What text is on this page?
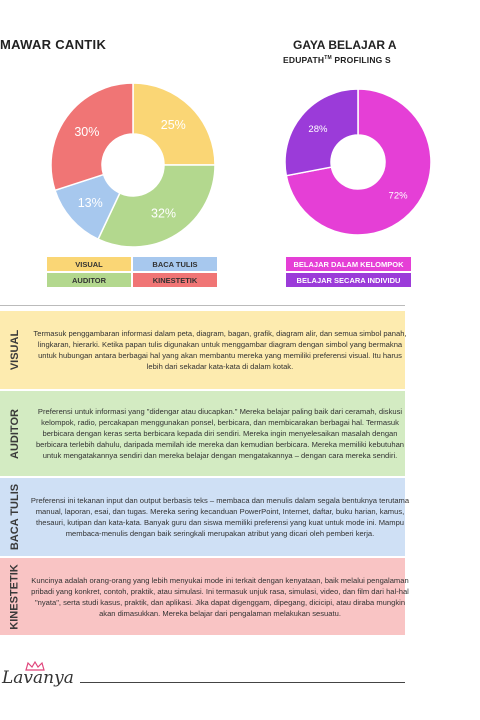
MAWAR CANTIK	GAYA BELAJAR A
EDUPATH™ PROFILING S
25%
32%
13%
30%
72%
28%
VISUAL	BACA TULIS
AUDITOR	KINESTETIK
BELAJAR DALAM KELOMPOK
BELAJAR SECARA INDIVIDU
VISUAL	Termasuk penggambaran informasi dalam peta, diagram, bagan, grafik, diagram alir, dan semua simbol panah, lingkaran, hierarki. Ketika papan tulis digunakan untuk menggambar diagram dengan simbol yang bermakna untuk hubungan antara berbagai hal yang akan membantu mereka yang memiliki preferensi visual. Itu harus lebih dari sekadar kata-kata di dalam kotak.

AUDITOR	Preferensi untuk informasi yang "didengar atau diucapkan." Mereka belajar paling baik dari ceramah, diskusi kelompok, radio, percakapan menggunakan ponsel, berbicara, dan membicarakan berbagai hal. Termasuk berbicara dengan keras serta berbicara kepada diri sendiri. Mereka ingin menyelesaikan masalah dengan berbicara terlebih dahulu, daripada memilah ide mereka dan kemudian berbicara. Mereka memiliki kebutuhan untuk mengatakannya sendiri dan mereka belajar dengan mengatakannya – dengan cara mereka sendiri.

BACA TULIS Preferensi ini tekanan input dan output berbasis teks – membaca dan menulis dalam segala bentuknya terutama manual, laporan, esai, dan tugas. Mereka sering kecanduan PowerPoint, Internet, daftar, buku harian, kamus, thesauri, kutipan dan kata-kata. Banyak guru dan siswa memiliki preferensi yang kuat untuk mode ini. Mampu membaca-menulis dengan baik seringkali merupakan atribut yang dicari oleh pemberi kerja.

KINESTETIK Kuncinya adalah orang-orang yang lebih menyukai mode ini terkait dengan kenyataan, baik melalui pengalaman pribadi yang konkret, contoh, praktik, atau simulasi. Ini termasuk unjuk rasa, simulasi, video, dan film dari hal-hal "nyata", serta studi kasus, praktik, dan aplikasi. Jika dapat digenggam, dipegang, dicicipi, atau diraba mungkin akan dimasukkan. Mereka belajar dari pengalaman melakukan sesuatu.

Lavanya
